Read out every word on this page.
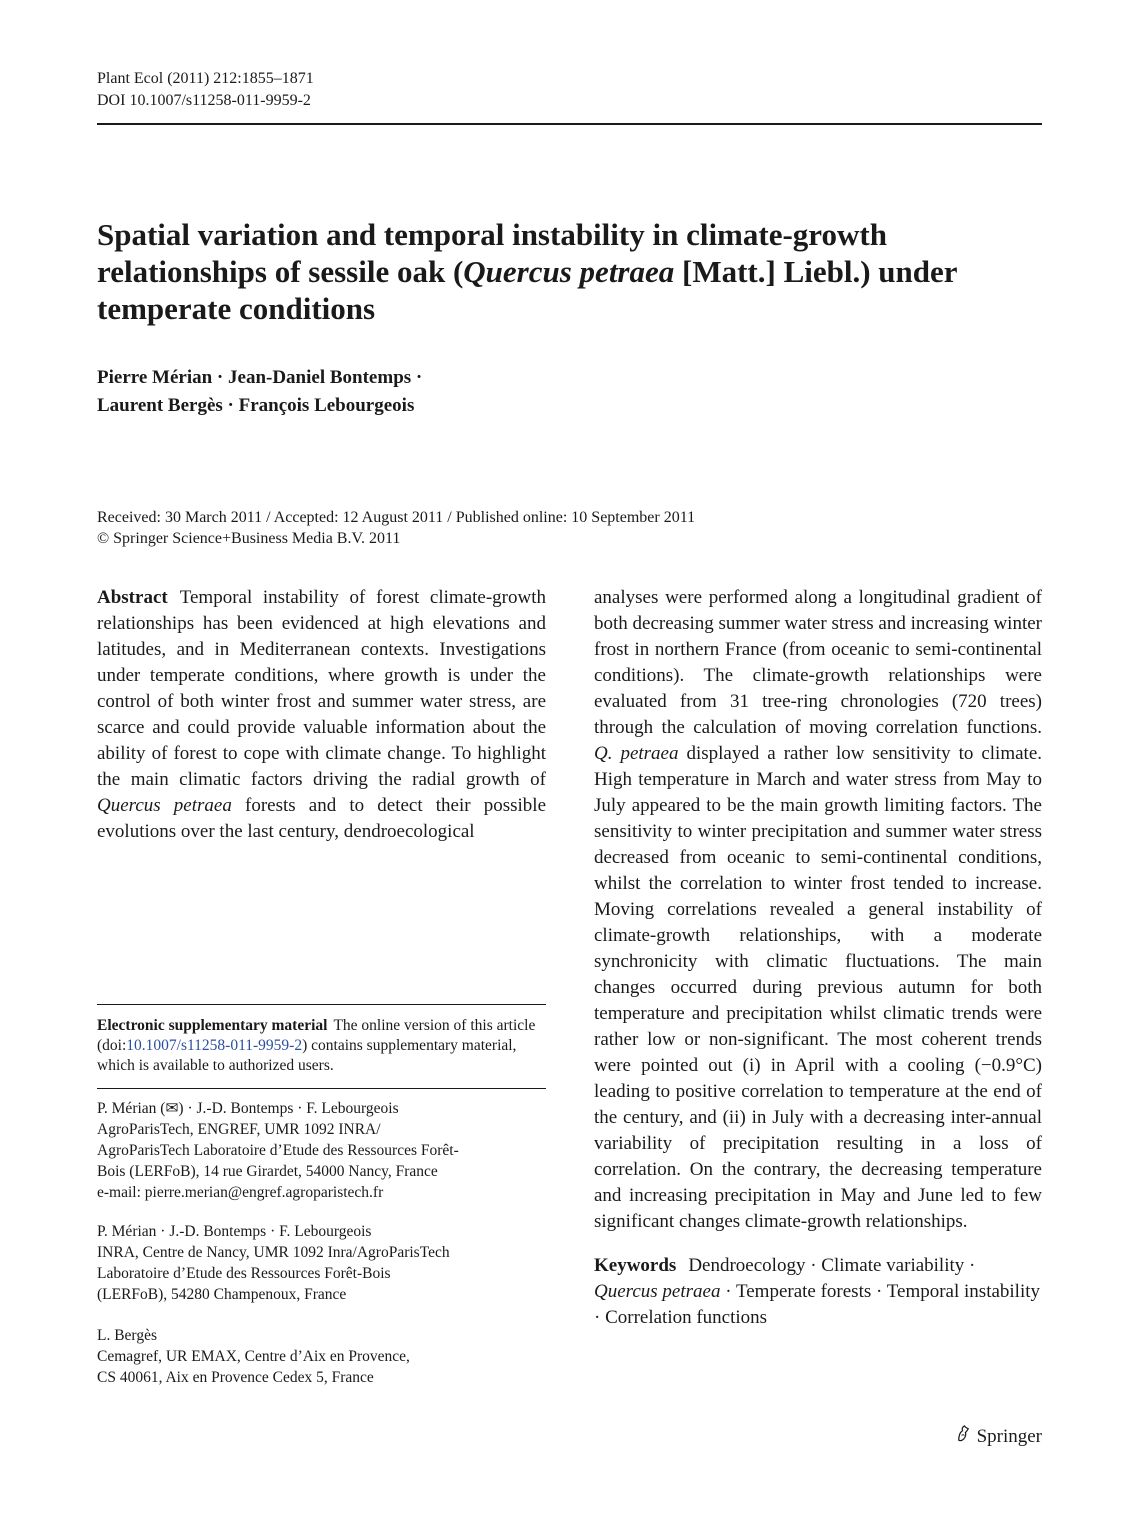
Plant Ecol (2011) 212:1855–1871
DOI 10.1007/s11258-011-9959-2
Spatial variation and temporal instability in climate-growth relationships of sessile oak (Quercus petraea [Matt.] Liebl.) under temperate conditions
Pierre Mérian · Jean-Daniel Bontemps ·
Laurent Bergès · François Lebourgeois
Received: 30 March 2011 / Accepted: 12 August 2011 / Published online: 10 September 2011
© Springer Science+Business Media B.V. 2011

Abstract Temporal instability of forest climate-growth relationships has been evidenced at high elevations and latitudes, and in Mediterranean contexts. Investigations under temperate conditions, where growth is under the control of both winter frost and summer water stress, are scarce and could provide valuable information about the ability of forest to cope with climate change. To highlight the main climatic factors driving the radial growth of Quercus petraea forests and to detect their possible evolutions over the last century, dendroecological

analyses were performed along a longitudinal gradient of both decreasing summer water stress and increasing winter frost in northern France (from oceanic to semi-continental conditions). The climate-growth relationships were evaluated from 31 tree-ring chronologies (720 trees) through the calculation of moving correlation functions. Q. petraea displayed a rather low sensitivity to climate. High temperature in March and water stress from May to July appeared to be the main growth limiting factors. The sensitivity to winter precipitation and summer water stress decreased from oceanic to semi-continental conditions, whilst the correlation to winter frost tended to increase. Moving correlations revealed a general instability of climate-growth relationships, with a moderate synchronicity with climatic fluctuations. The main changes occurred during previous autumn for both temperature and precipitation whilst climatic trends were rather low or non-significant. The most coherent trends were pointed out (i) in April with a cooling (−0.9°C) leading to positive correlation to temperature at the end of the century, and (ii) in July with a decreasing inter-annual variability of precipitation resulting in a loss of correlation. On the contrary, the decreasing temperature and increasing precipitation in May and June led to few significant changes climate-growth relationships.

Keywords Dendroecology · Climate variability · Quercus petraea · Temperate forests · Temporal instability · Correlation functions

Electronic supplementary material The online version of this article (doi:10.1007/s11258-011-9959-2) contains supplementary material, which is available to authorized users.
P. Mérian (✉) · J.-D. Bontemps · F. Lebourgeois
AgroParisTech, ENGREF, UMR 1092 INRA/
AgroParisTech Laboratoire d’Etude des Ressources Forêt-
Bois (LERFoB), 14 rue Girardet, 54000 Nancy, France
e-mail: pierre.merian@engref.agroparistech.fr
P. Mérian · J.-D. Bontemps · F. Lebourgeois
INRA, Centre de Nancy, UMR 1092 Inra/AgroParisTech
Laboratoire d’Etude des Ressources Forêt-Bois
(LERFoB), 54280 Champenoux, France
L. Bergès
Cemagref, UR EMAX, Centre d’Aix en Provence,
CS 40061, Aix en Provence Cedex 5, France
Springer
